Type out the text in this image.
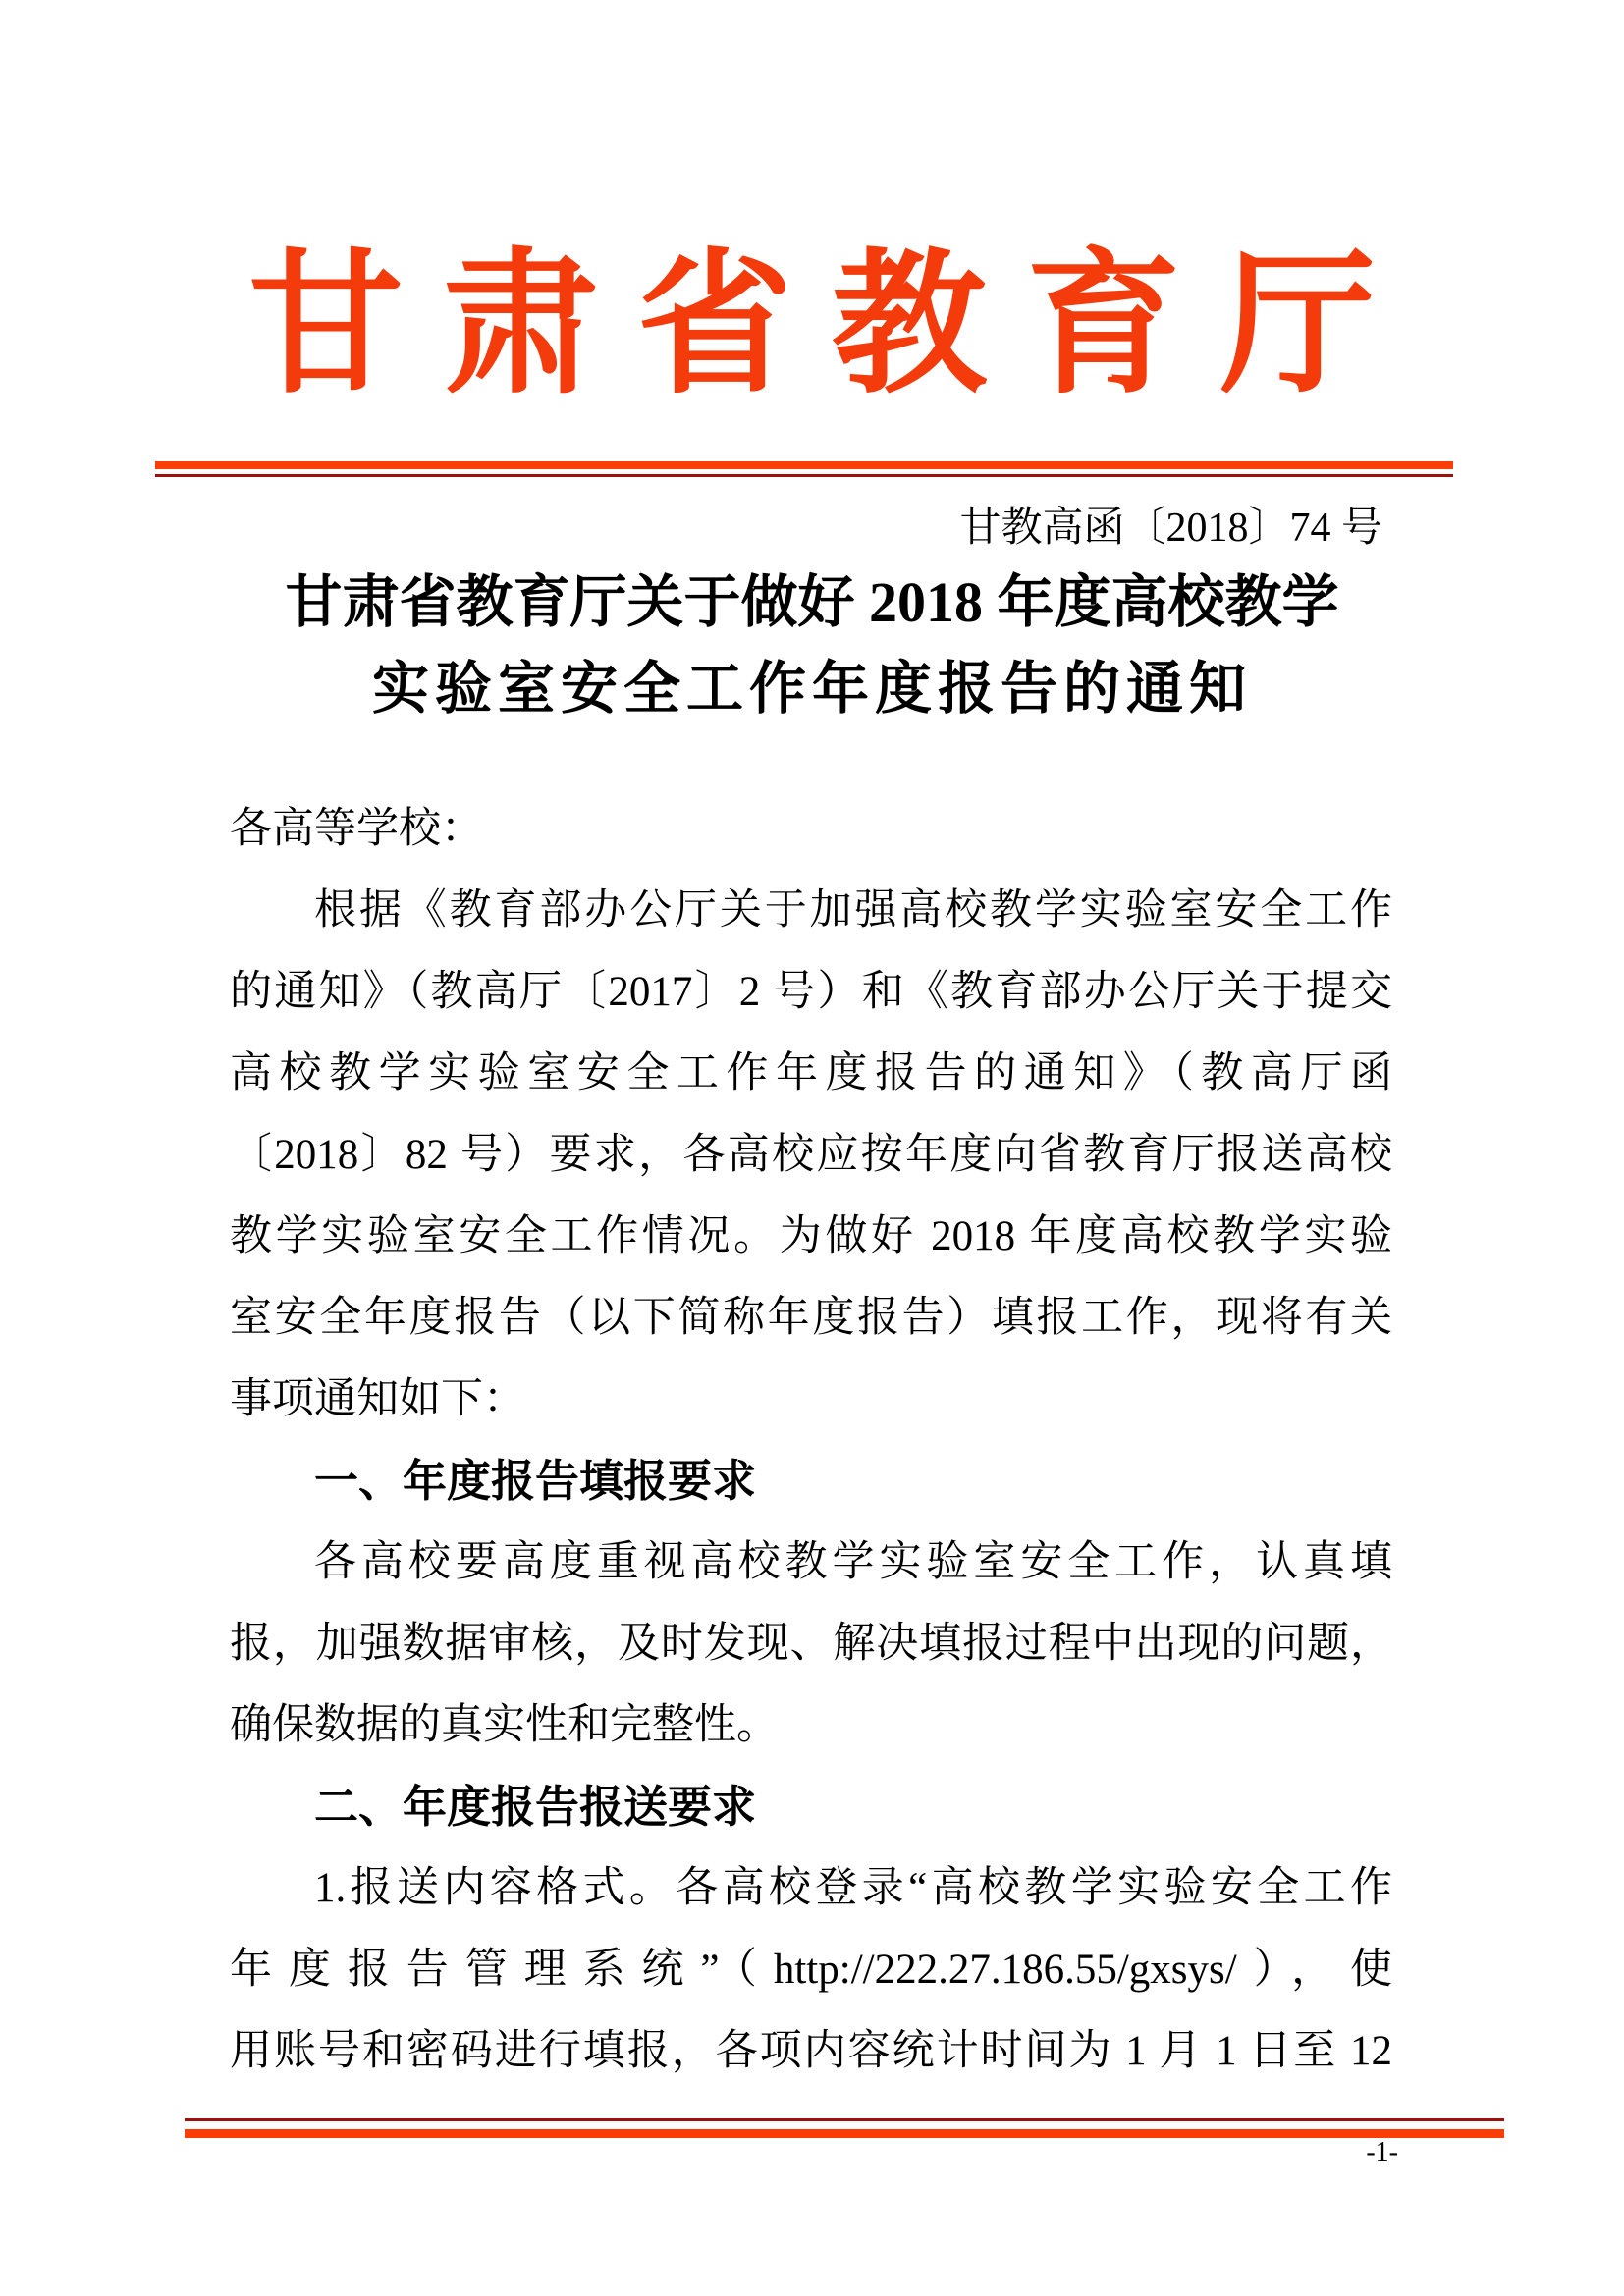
甘肃省教育厅
甘教高函〔2018〕74 号
甘肃省教育厅关于做好 2018 年度高校教学
实验室安全工作年度报告的通知
各高等学校：
根据《教育部办公厅关于加强高校教学实验室安全工作
的通知》（教高厅〔2017〕2 号）和《教育部办公厅关于提交
高校教学实验室安全工作年度报告的通知》（教高厅函
〔2018〕82 号）要求，各高校应按年度向省教育厅报送高校
教学实验室安全工作情况。为做好 2018 年度高校教学实验
室安全年度报告（以下简称年度报告）填报工作，现将有关
事项通知如下：
一、年度报告填报要求
各高校要高度重视高校教学实验室安全工作，认真填
报，加强数据审核，及时发现、解决填报过程中出现的问题，
确保数据的真实性和完整性。
二、年度报告报送要求
1.报送内容格式。各高校登录“高校教学实验安全工作
年度报告管理系统”（http://222.27.186.55/gxsys/），使
用账号和密码进行填报，各项内容统计时间为 1 月 1 日至 12
-1-
